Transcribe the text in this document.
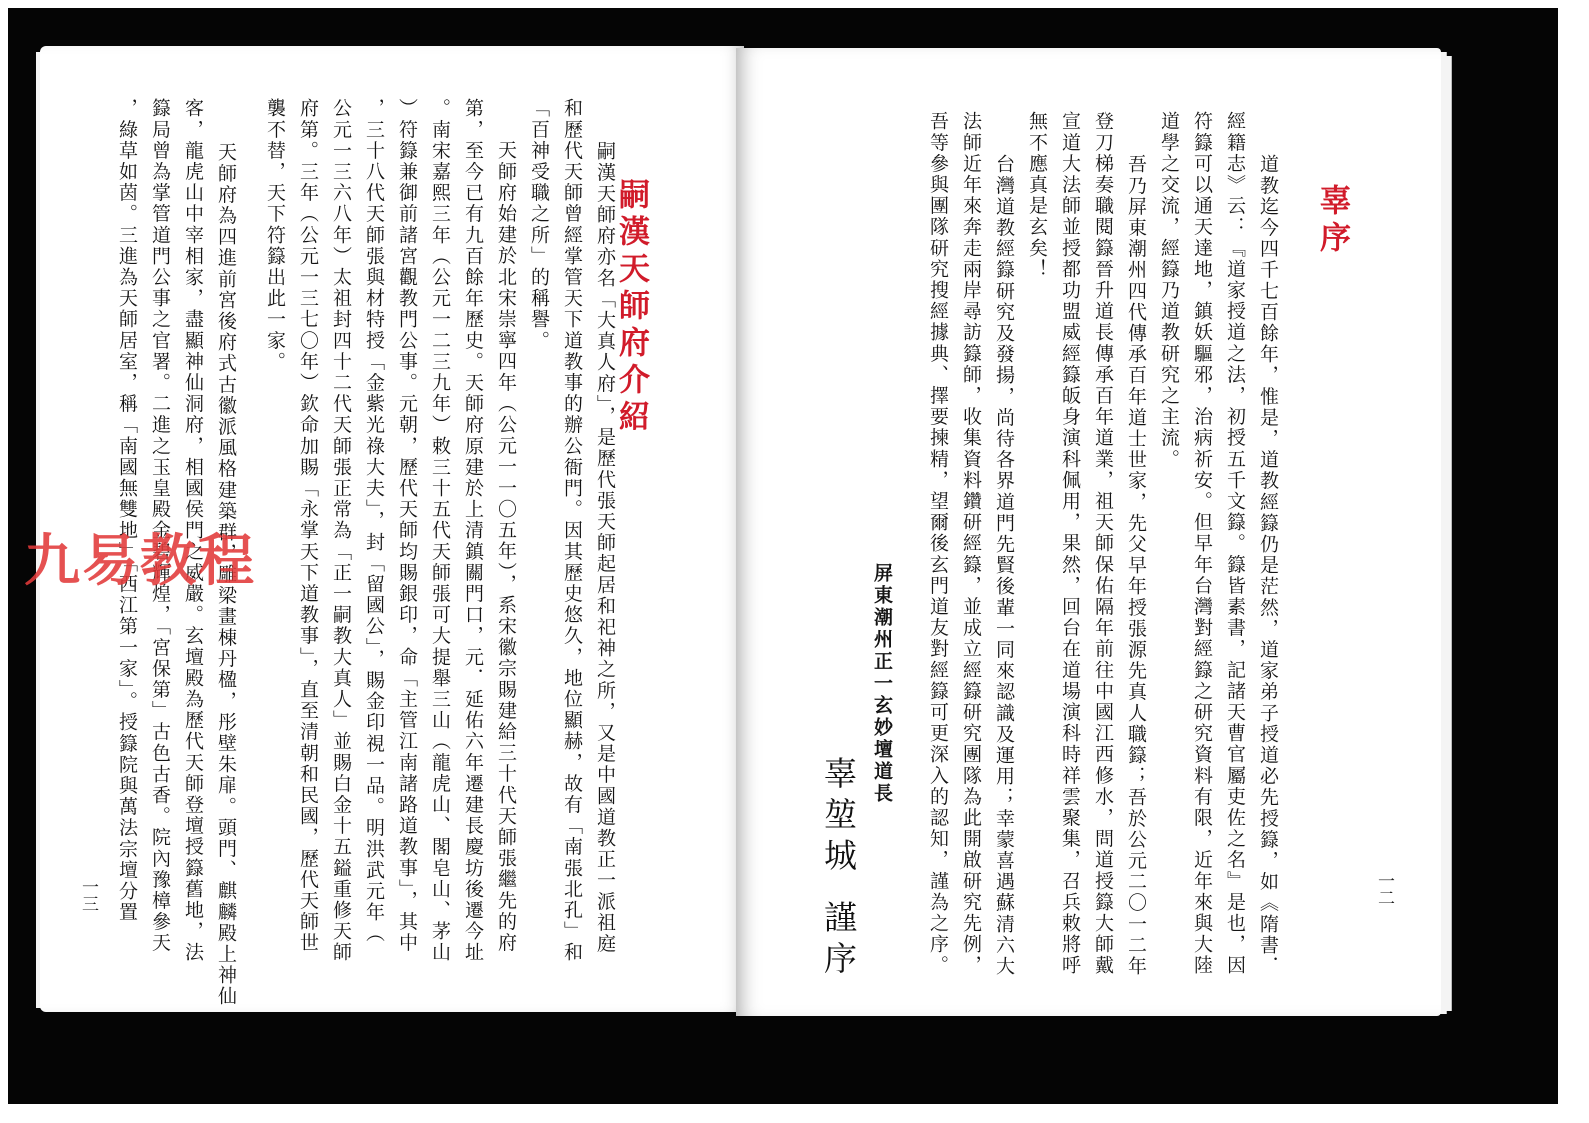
嗣漢天師府介紹
嗣漢天師府亦名「大真人府」，是歷代張天師起居和祀神之所，又是中國道教正一派祖庭
和歷代天師曾經掌管天下道教事的辦公衙門。因其歷史悠久，地位顯赫，故有「南張北孔」和
「百神受職之所」的稱譽。
天師府始建於北宋崇寧四年（公元一一〇五年），系宋徽宗賜建給三十代天師張繼先的府
第，至今已有九百餘年歷史。天師府原建於上清鎮關門口，元．延佑六年遷建長慶坊後遷今址
。南宋嘉熙三年（公元一二三九年）敕三十五代天師張可大提舉三山（龍虎山、閣皂山、茅山
）符籙兼御前諸宮觀教門公事。元朝，歷代天師均賜銀印，命「主管江南諸路道教事」，其中
，三十八代天師張與材特授「金紫光祿大夫」，封「留國公」，賜金印視一品。明洪武元年（
公元一三六八年）太祖封四十二代天師張正常為「正一嗣教大真人」並賜白金十五鎰重修天師
府第。三年（公元一三七〇年）欽命加賜「永掌天下道教事」，直至清朝和民國，歷代天師世
襲不替，天下符籙出此一家。
天師府為四進前宮後府式古徽派風格建築群，雕梁畫棟丹楹，彤壁朱扉。頭門、麒麟殿上神仙
客，龍虎山中宰相家，盡顯神仙洞府，相國侯門之威嚴。玄壇殿為歷代天師登壇授籙舊地，法
籙局曾為掌管道門公事之官署。二進之玉皇殿金碧輝煌，「宮保第」古色古香。院內豫樟參天
，綠草如茵。三進為天師居室，稱「南國無雙地」「西江第一家」。授籙院與萬法宗壇分置
一三
辜序
道教迄今四千七百餘年，惟是，道教經籙仍是茫然，道家弟子授道必先授籙，如《隋書．
經籍志》云：『道家授道之法，初授五千文籙。籙皆素書，記諸天曹官屬吏佐之名』是也，因
符籙可以通天達地，鎮妖驅邪，治病祈安。但早年台灣對經籙之研究資料有限，近年來與大陸
道學之交流，經籙乃道教研究之主流。
吾乃屏東潮州四代傳承百年道士世家，先父早年授張源先真人職籙；吾於公元二〇一二年
登刀梯奏職閱籙晉升道長傳承百年道業，祖天師保佑隔年前往中國江西修水，問道授籙大師戴
宣道大法師並授都功盟威經籙皈身演科佩用，果然，回台在道場演科時祥雲聚集，召兵敕將呼
無不應真是玄矣！
台灣道教經籙研究及發揚，尚待各界道門先賢後輩一同來認識及運用；幸蒙喜遇蘇清六大
法師近年來奔走兩岸尋訪籙師，收集資料鑽研經籙，並成立經籙研究團隊為此開啟研究先例，
吾等參與團隊研究搜經據典、擇要揀精，望爾後玄門道友對經籙可更深入的認知，謹為之序。
屏東潮州正一玄妙壇道長
辜堃城
謹序
一二
九易教程
